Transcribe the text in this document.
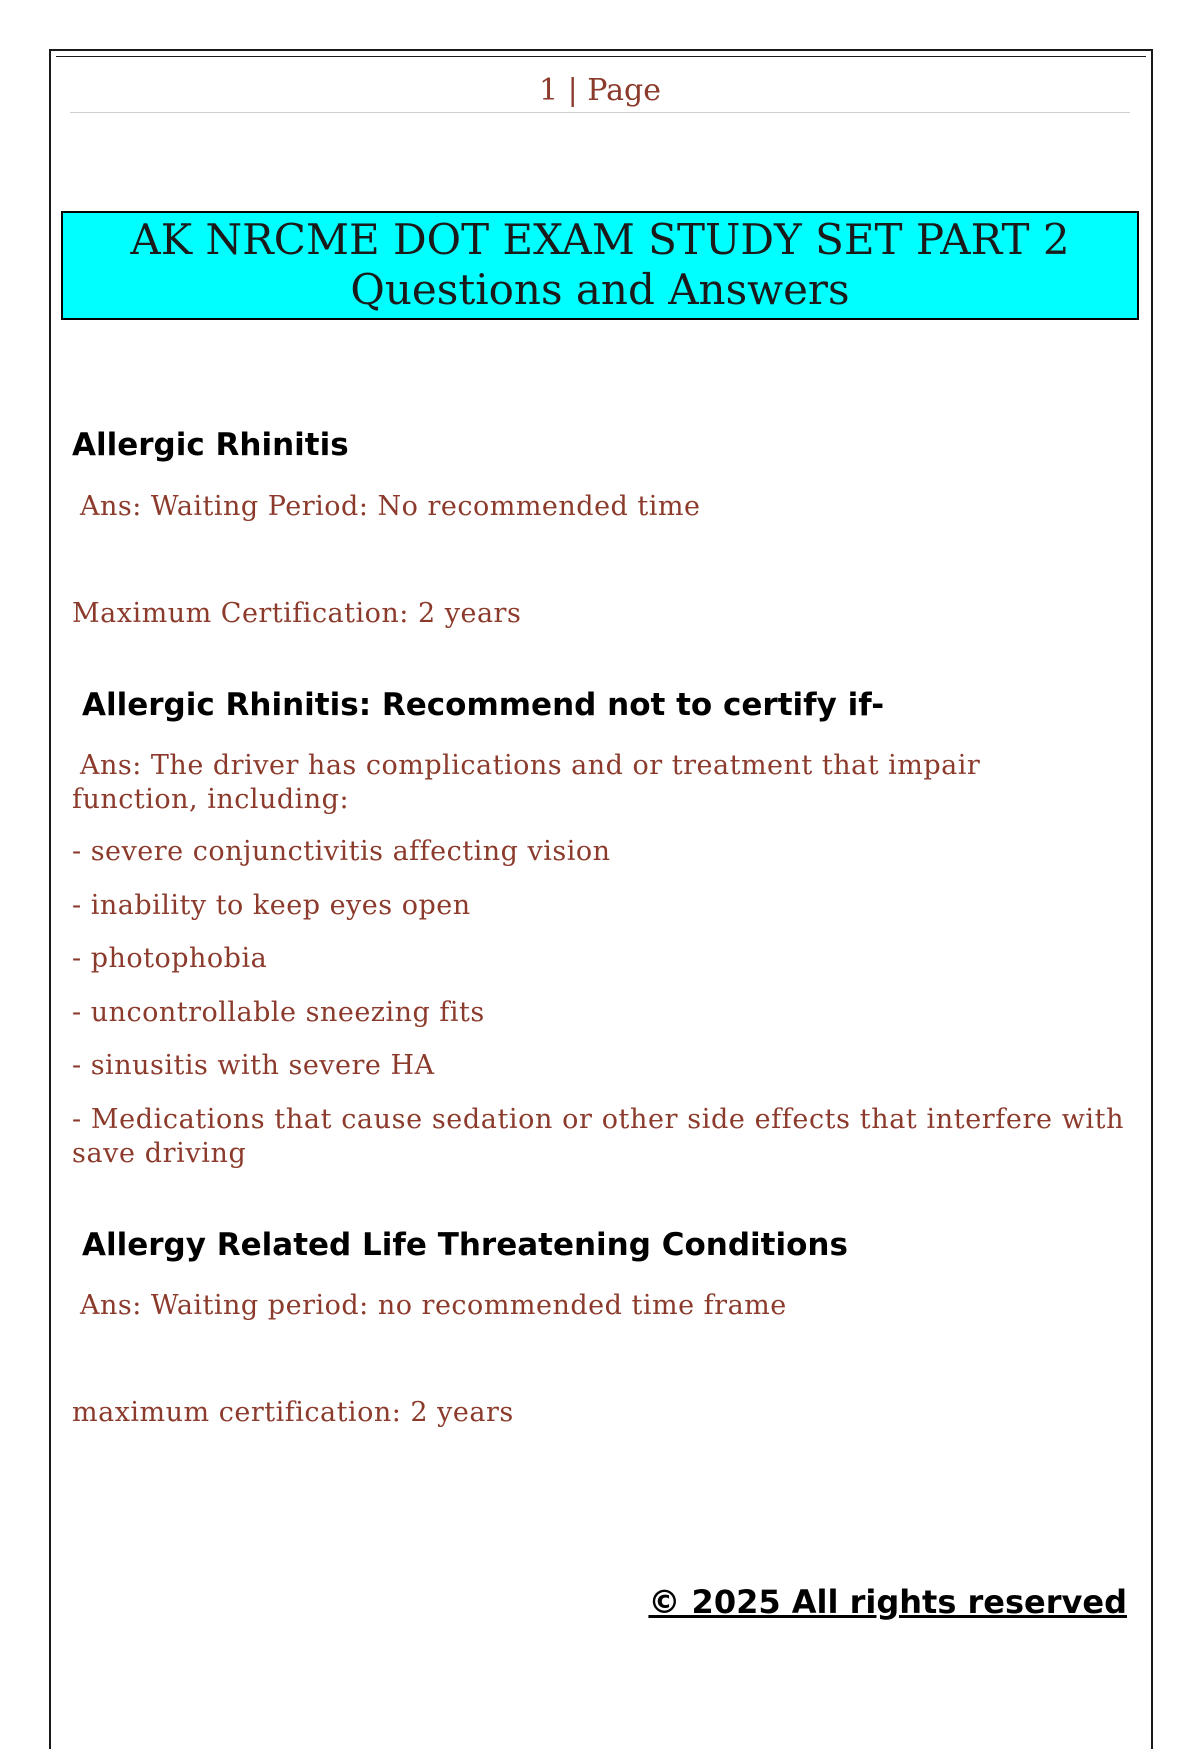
1 | Page
AK NRCME DOT EXAM STUDY SET PART 2
Questions and Answers
Allergic Rhinitis
Ans: Waiting Period: No recommended time
Maximum Certification: 2 years
Allergic Rhinitis: Recommend not to certify if-
Ans: The driver has complications and or treatment that impair function, including:
- severe conjunctivitis affecting vision
- inability to keep eyes open
- photophobia
- uncontrollable sneezing fits
- sinusitis with severe HA
- Medications that cause sedation or other side effects that interfere with save driving
Allergy Related Life Threatening Conditions
Ans: Waiting period: no recommended time frame
maximum certification: 2 years
© 2025 All rights reserved
